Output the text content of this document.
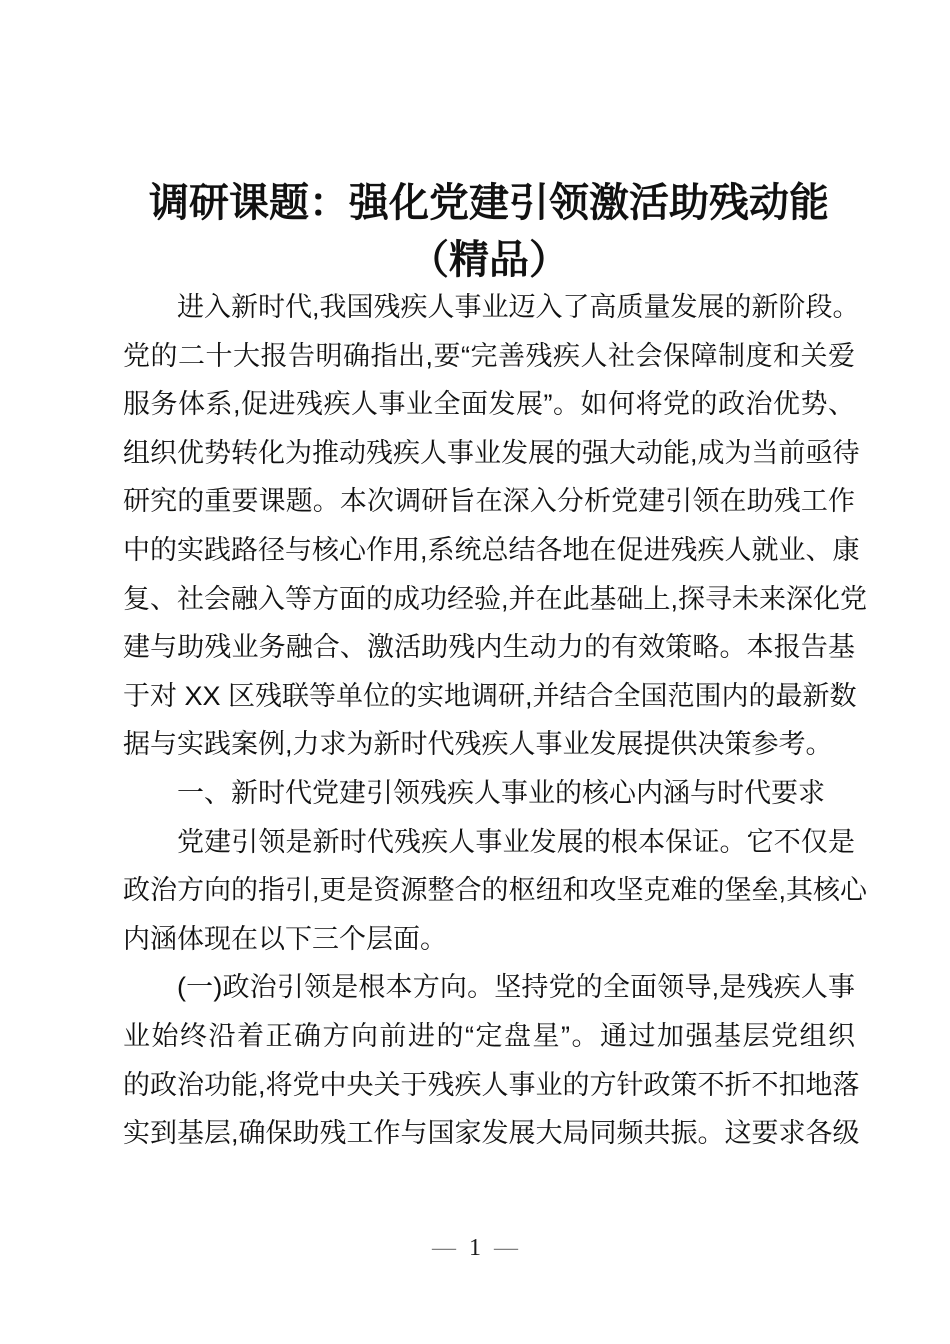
调研课题：强化党建引领激活助残动能
（精品）
进入新时代,我国残疾人事业迈入了高质量发展的新阶段。
党的二十大报告明确指出,要“完善残疾人社会保障制度和关爱
服务体系,促进残疾人事业全面发展”。如何将党的政治优势、
组织优势转化为推动残疾人事业发展的强大动能,成为当前亟待
研究的重要课题。本次调研旨在深入分析党建引领在助残工作
中的实践路径与核心作用,系统总结各地在促进残疾人就业、康
复、社会融入等方面的成功经验,并在此基础上,探寻未来深化党
建与助残业务融合、激活助残内生动力的有效策略。本报告基
于对 XX 区残联等单位的实地调研,并结合全国范围内的最新数
据与实践案例,力求为新时代残疾人事业发展提供决策参考。
一、新时代党建引领残疾人事业的核心内涵与时代要求
党建引领是新时代残疾人事业发展的根本保证。它不仅是
政治方向的指引,更是资源整合的枢纽和攻坚克难的堡垒,其核心
内涵体现在以下三个层面。
(一)政治引领是根本方向。坚持党的全面领导,是残疾人事
业始终沿着正确方向前进的“定盘星”。通过加强基层党组织
的政治功能,将党中央关于残疾人事业的方针政策不折不扣地落
实到基层,确保助残工作与国家发展大局同频共振。这要求各级
— 1 —
